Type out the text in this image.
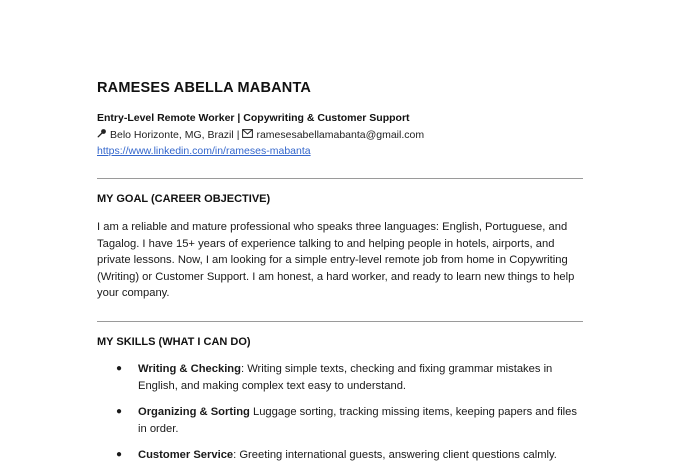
RAMESES ABELLA MABANTA
Entry-Level Remote Worker | Copywriting & Customer Support
Belo Horizonte, MG, Brazil | ramesesabellamabanta@gmail.com
https://www.linkedin.com/in/rameses-mabanta
MY GOAL (CAREER OBJECTIVE)
I am a reliable and mature professional who speaks three languages: English, Portuguese, and Tagalog. I have 15+ years of experience talking to and helping people in hotels, airports, and private lessons. Now, I am looking for a simple entry-level remote job from home in Copywriting (Writing) or Customer Support. I am honest, a hard worker, and ready to learn new things to help your company.
MY SKILLS (WHAT I CAN DO)
● Writing & Checking: Writing simple texts, checking and fixing grammar mistakes in English, and making complex text easy to understand.
● Organizing & Sorting Luggage sorting, tracking missing items, keeping papers and files in order.
● Customer Service: Greeting international guests, answering client questions calmly.
